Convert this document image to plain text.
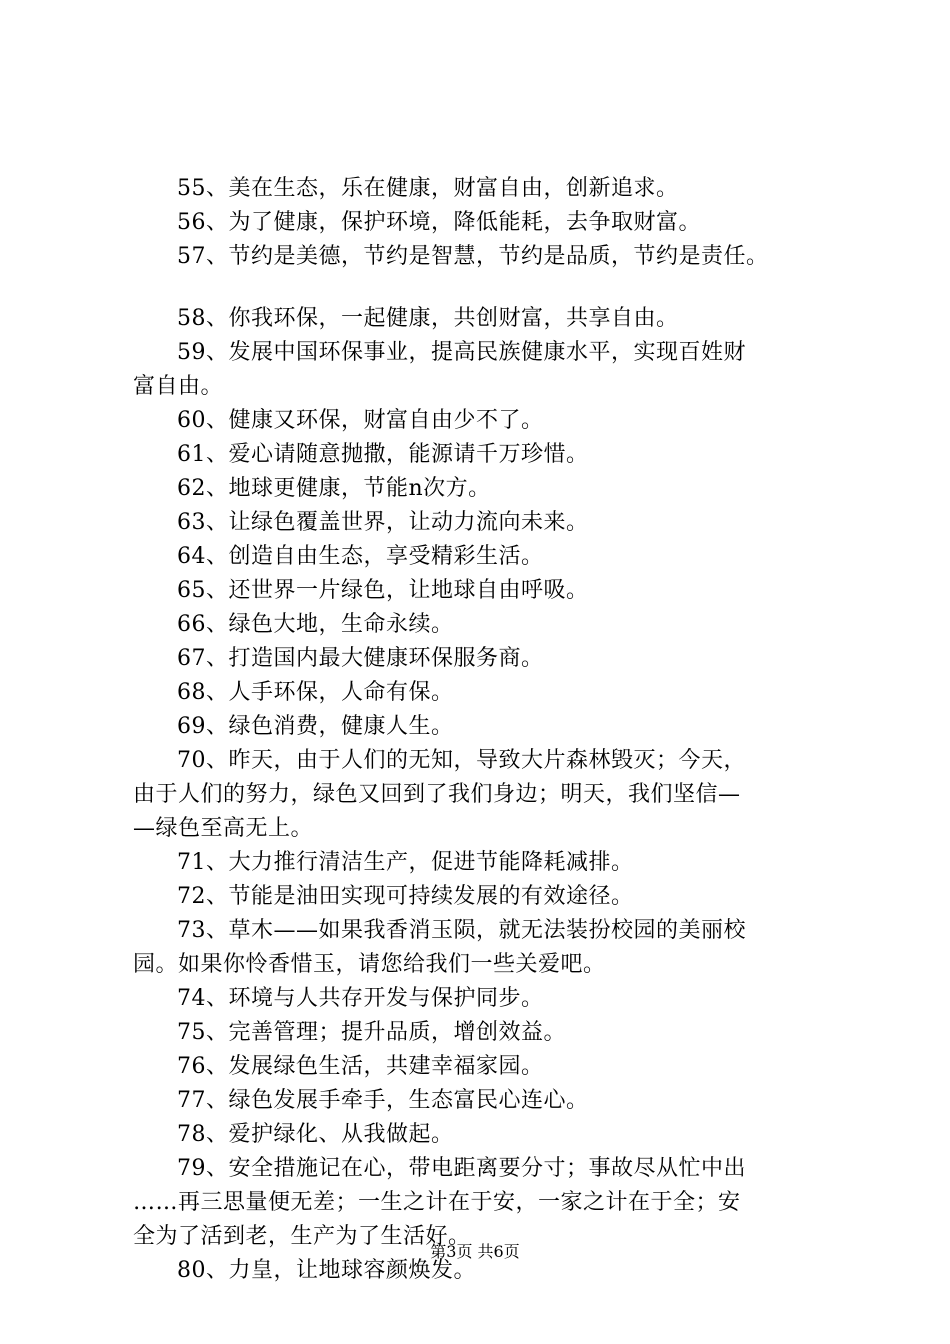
55、美在生态，乐在健康，财富自由，创新追求。
56、为了健康，保护环境，降低能耗，去争取财富。
57、节约是美德，节约是智慧，节约是品质，节约是责任。
58、你我环保，一起健康，共创财富，共享自由。
59、发展中国环保事业，提高民族健康水平，实现百姓财
富自由。
60、健康又环保，财富自由少不了。
61、爱心请随意抛撒，能源请千万珍惜。
62、地球更健康，节能n次方。
63、让绿色覆盖世界，让动力流向未来。
64、创造自由生态，享受精彩生活。
65、还世界一片绿色，让地球自由呼吸。
66、绿色大地，生命永续。
67、打造国内最大健康环保服务商。
68、人手环保，人命有保。
69、绿色消费，健康人生。
70、昨天，由于人们的无知，导致大片森林毁灭；今天，
由于人们的努力，绿色又回到了我们身边；明天，我们坚信—
—绿色至高无上。
71、大力推行清洁生产，促进节能降耗减排。
72、节能是油田实现可持续发展的有效途径。
73、草木——如果我香消玉陨，就无法装扮校园的美丽校
园。如果你怜香惜玉，请您给我们一些关爱吧。
74、环境与人共存开发与保护同步。
75、完善管理；提升品质，增创效益。
76、发展绿色生活，共建幸福家园。
77、绿色发展手牵手，生态富民心连心。
78、爱护绿化、从我做起。
79、安全措施记在心，带电距离要分寸；事故尽从忙中出
……再三思量便无差；一生之计在于安，一家之计在于全；安
全为了活到老，生产为了生活好。
80、力皇，让地球容颜焕发。
第3页 共6页
